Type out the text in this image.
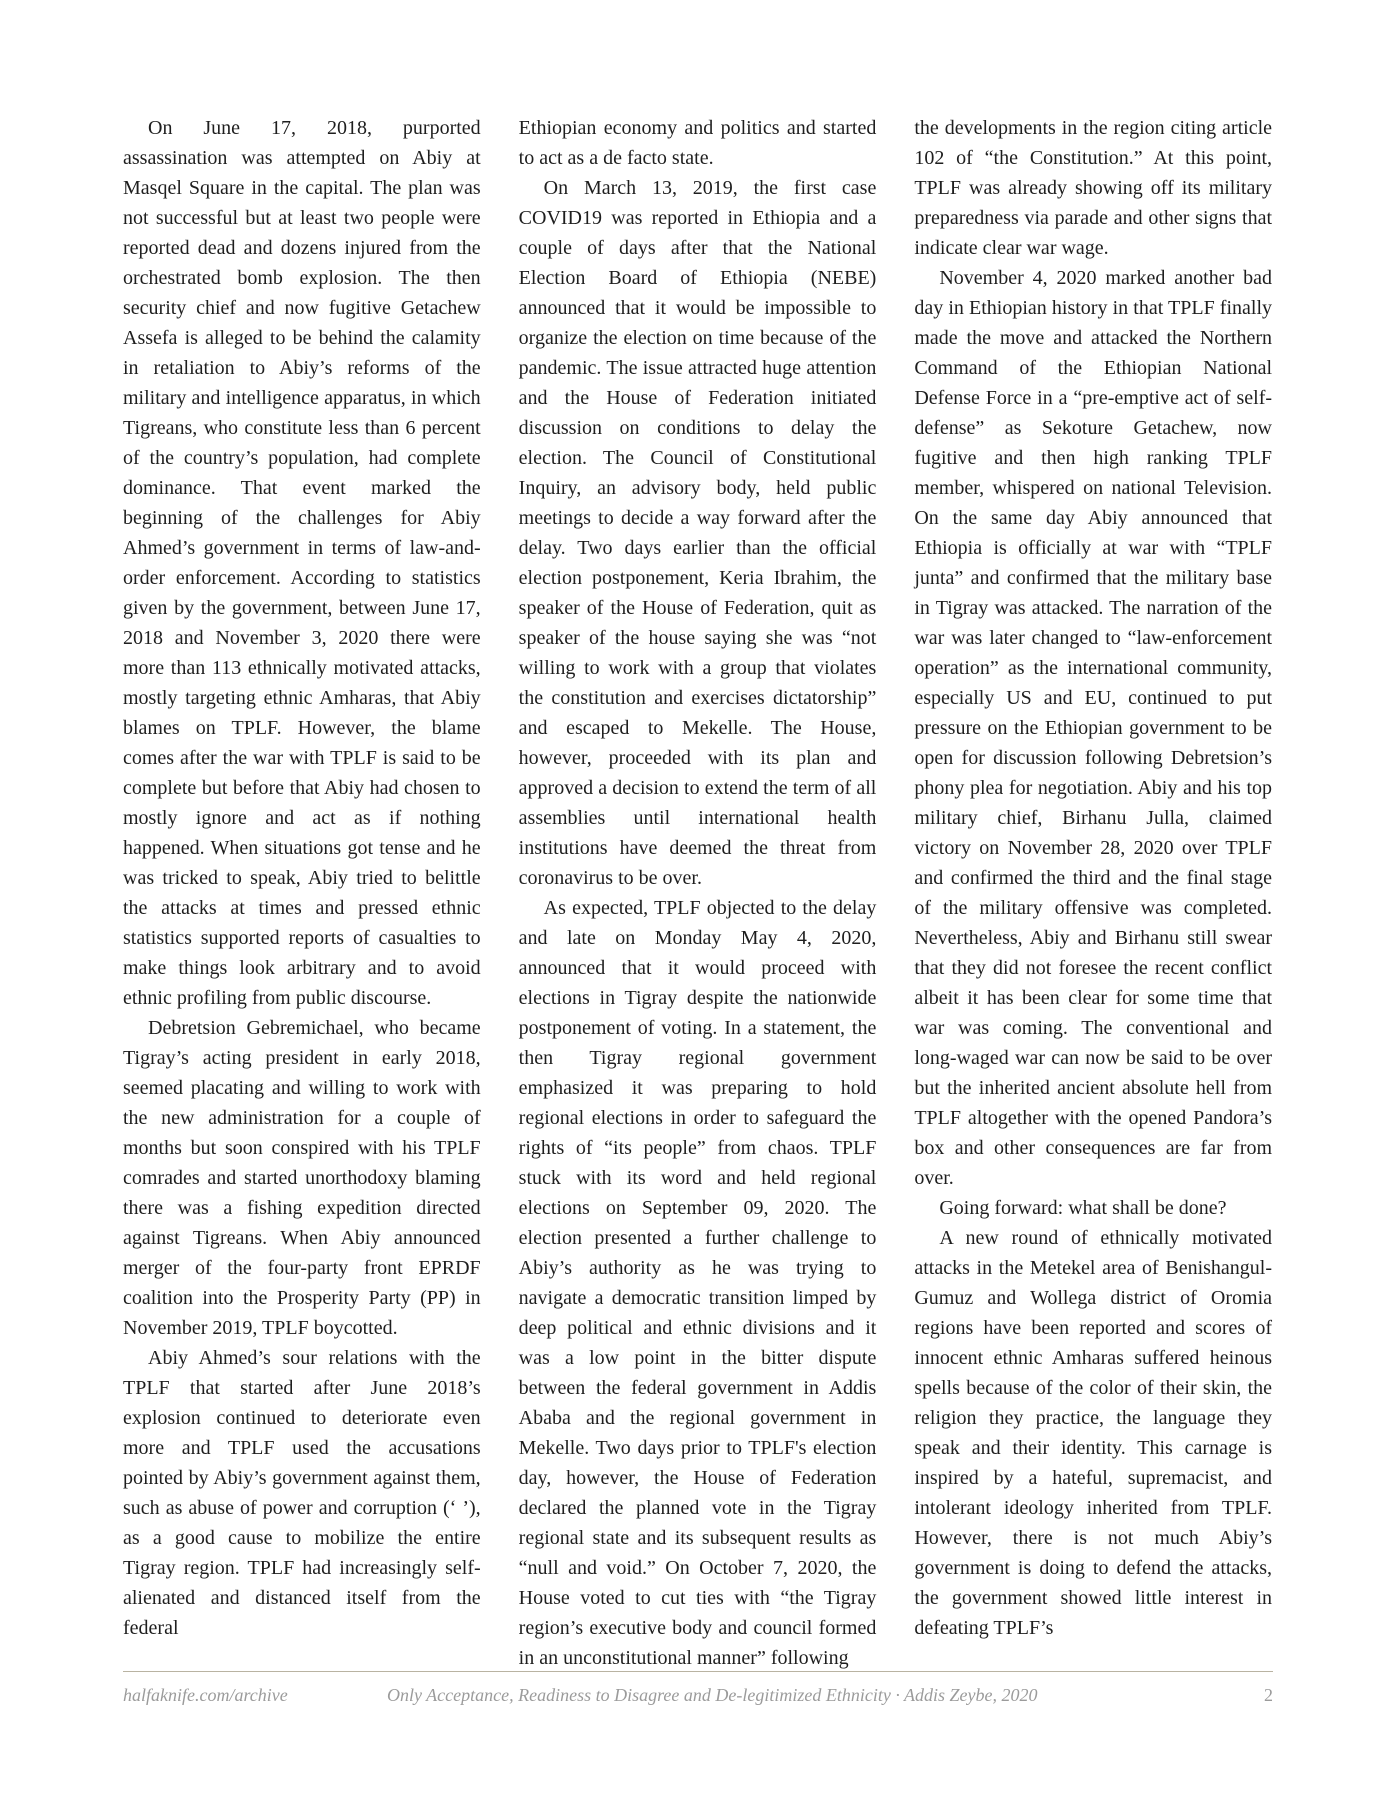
On June 17, 2018, purported assassination was attempted on Abiy at Masqel Square in the capital. The plan was not successful but at least two people were reported dead and dozens injured from the orchestrated bomb explosion. The then security chief and now fugitive Getachew Assefa is alleged to be behind the calamity in retaliation to Abiy’s reforms of the military and intelligence apparatus, in which Tigreans, who constitute less than 6 percent of the country’s population, had complete dominance. That event marked the beginning of the challenges for Abiy Ahmed’s government in terms of law-and-order enforcement. According to statistics given by the government, between June 17, 2018 and November 3, 2020 there were more than 113 ethnically motivated attacks, mostly targeting ethnic Amharas, that Abiy blames on TPLF. However, the blame comes after the war with TPLF is said to be complete but before that Abiy had chosen to mostly ignore and act as if nothing happened. When situations got tense and he was tricked to speak, Abiy tried to belittle the attacks at times and pressed ethnic statistics supported reports of casualties to make things look arbitrary and to avoid ethnic profiling from public discourse.

Debretsion Gebremichael, who became Tigray’s acting president in early 2018, seemed placating and willing to work with the new administration for a couple of months but soon conspired with his TPLF comrades and started unorthodoxy blaming there was a fishing expedition directed against Tigreans. When Abiy announced merger of the four-party front EPRDF coalition into the Prosperity Party (PP) in November 2019, TPLF boycotted.

Abiy Ahmed’s sour relations with the TPLF that started after June 2018’s explosion continued to deteriorate even more and TPLF used the accusations pointed by Abiy’s government against them, such as abuse of power and corruption (‘ ’), as a good cause to mobilize the entire Tigray region. TPLF had increasingly self-alienated and distanced itself from the federal

Ethiopian economy and politics and started to act as a de facto state.

On March 13, 2019, the first case COVID19 was reported in Ethiopia and a couple of days after that the National Election Board of Ethiopia (NEBE) announced that it would be impossible to organize the election on time because of the pandemic. The issue attracted huge attention and the House of Federation initiated discussion on conditions to delay the election. The Council of Constitutional Inquiry, an advisory body, held public meetings to decide a way forward after the delay. Two days earlier than the official election postponement, Keria Ibrahim, the speaker of the House of Federation, quit as speaker of the house saying she was “not willing to work with a group that violates the constitution and exercises dictatorship” and escaped to Mekelle. The House, however, proceeded with its plan and approved a decision to extend the term of all assemblies until international health institutions have deemed the threat from coronavirus to be over.

As expected, TPLF objected to the delay and late on Monday May 4, 2020, announced that it would proceed with elections in Tigray despite the nationwide postponement of voting. In a statement, the then Tigray regional government emphasized it was preparing to hold regional elections in order to safeguard the rights of “its people” from chaos. TPLF stuck with its word and held regional elections on September 09, 2020. The election presented a further challenge to Abiy’s authority as he was trying to navigate a democratic transition limped by deep political and ethnic divisions and it was a low point in the bitter dispute between the federal government in Addis Ababa and the regional government in Mekelle. Two days prior to TPLF's election day, however, the House of Federation declared the planned vote in the Tigray regional state and its subsequent results as “null and void.” On October 7, 2020, the House voted to cut ties with “the Tigray region’s executive body and council formed in an unconstitutional manner” following

the developments in the region citing article 102 of “the Constitution.” At this point, TPLF was already showing off its military preparedness via parade and other signs that indicate clear war wage.

November 4, 2020 marked another bad day in Ethiopian history in that TPLF finally made the move and attacked the Northern Command of the Ethiopian National Defense Force in a “pre-emptive act of self-defense” as Sekoture Getachew, now fugitive and then high ranking TPLF member, whispered on national Television. On the same day Abiy announced that Ethiopia is officially at war with “TPLF junta” and confirmed that the military base in Tigray was attacked. The narration of the war was later changed to “law-enforcement operation” as the international community, especially US and EU, continued to put pressure on the Ethiopian government to be open for discussion following Debretsion’s phony plea for negotiation. Abiy and his top military chief, Birhanu Julla, claimed victory on November 28, 2020 over TPLF and confirmed the third and the final stage of the military offensive was completed. Nevertheless, Abiy and Birhanu still swear that they did not foresee the recent conflict albeit it has been clear for some time that war was coming. The conventional and long-waged war can now be said to be over but the inherited ancient absolute hell from TPLF altogether with the opened Pandora’s box and other consequences are far from over.

Going forward: what shall be done?

A new round of ethnically motivated attacks in the Metekel area of Benishangul-Gumuz and Wollega district of Oromia regions have been reported and scores of innocent ethnic Amharas suffered heinous spells because of the color of their skin, the religion they practice, the language they speak and their identity. This carnage is inspired by a hateful, supremacist, and intolerant ideology inherited from TPLF. However, there is not much Abiy’s government is doing to defend the attacks, the government showed little interest in defeating TPLF’s

halfaknife.com/archive	Only Acceptance, Readiness to Disagree and De-legitimized Ethnicity · Addis Zeybe, 2020	2
